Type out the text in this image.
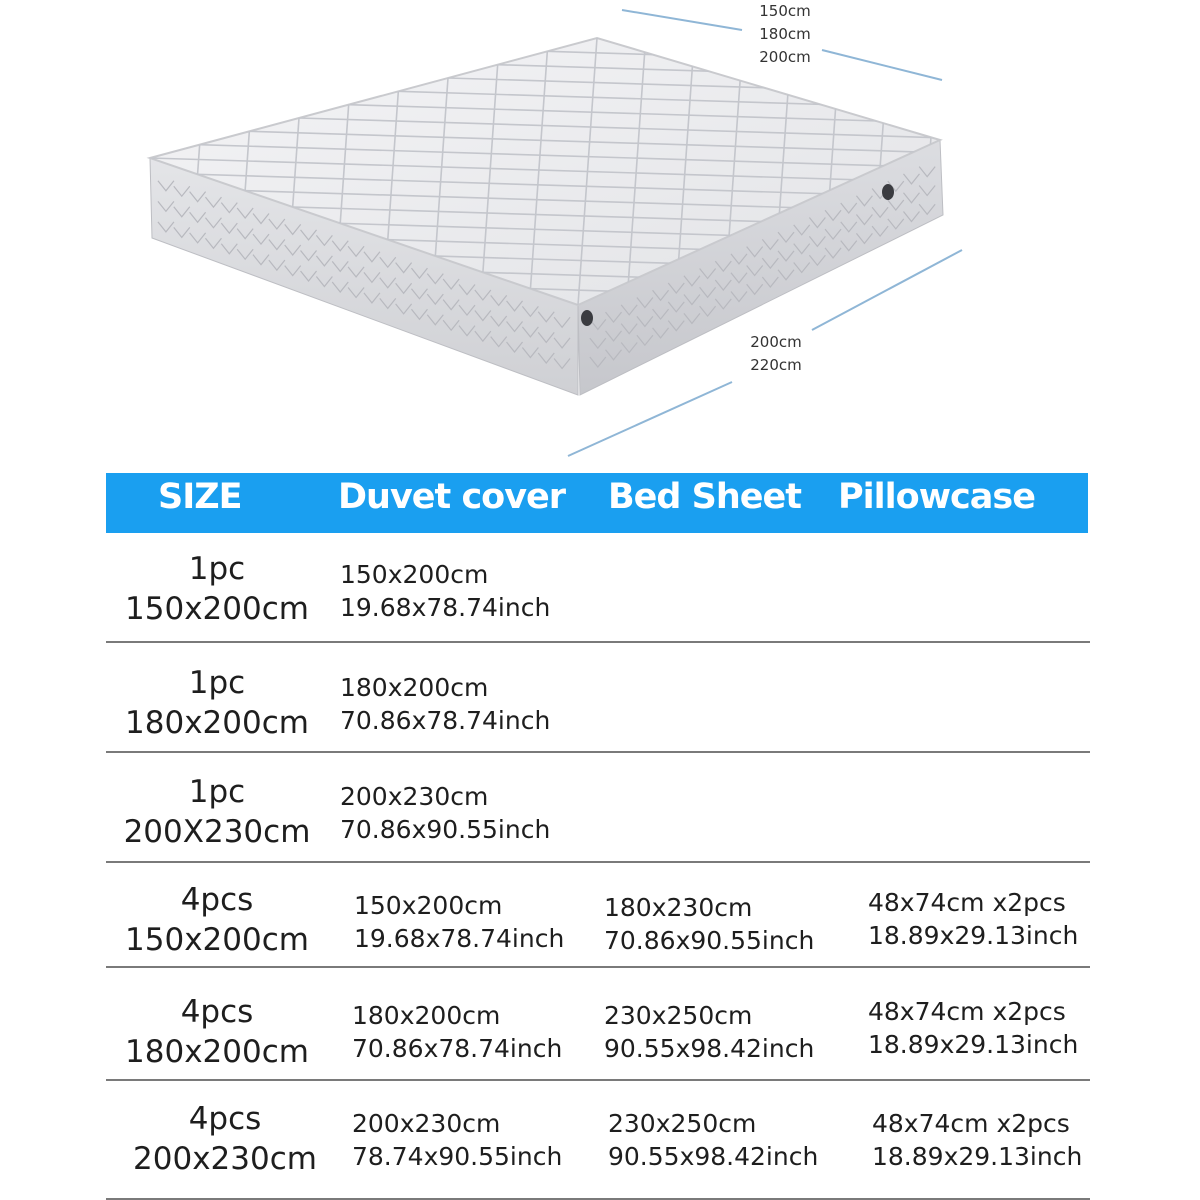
150cm
180cm
200cm
200cm
220cm
SIZE	Duvet cover Bed Sheet Pillowcase
1pc
150x200cm
150x200cm
19.68x78.74inch
1pc
180x200cm
180x200cm
70.86x78.74inch
1pc
200X230cm
200x230cm
70.86x90.55inch
4pcs
150x200cm
150x200cm
19.68x78.74inch
180x230cm
70.86x90.55inch
48x74cm x2pcs
18.89x29.13inch
4pcs
180x200cm
180x200cm
70.86x78.74inch
230x250cm
90.55x98.42inch
48x74cm x2pcs
18.89x29.13inch
4pcs
200x230cm
200x230cm
78.74x90.55inch
230x250cm
90.55x98.42inch
48x74cm x2pcs
18.89x29.13inch
